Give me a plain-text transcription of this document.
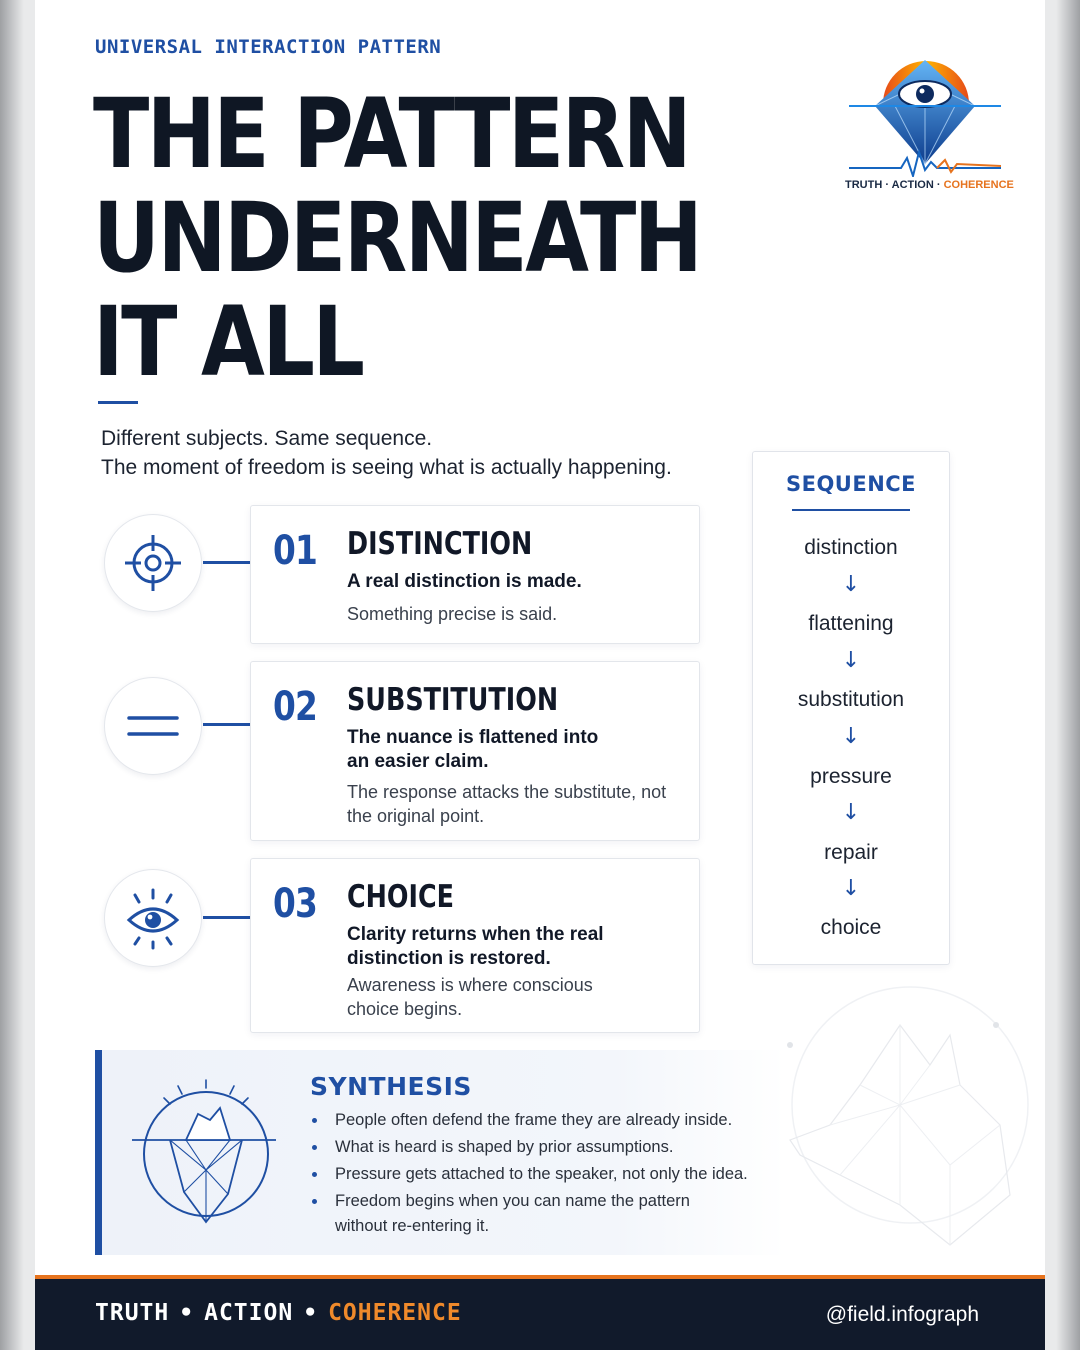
UNIVERSAL INTERACTION PATTERN
THE PATTERN
UNDERNEATH
IT ALL
Different subjects. Same sequence.
The moment of freedom is seeing what is actually happening.
TRUTH · ACTION · COHERENCE
01 DISTINCTION
A real distinction is made.
Something precise is said.
02 SUBSTITUTION
The nuance is flattened into an easier claim.
The response attacks the substitute, not the original point.
03 CHOICE
Clarity returns when the real distinction is restored.
Awareness is where conscious choice begins.
SEQUENCE
distinction
↓
flattening
↓
substitution
↓
pressure
↓
repair
↓
choice
SYNTHESIS
People often defend the frame they are already inside.
What is heard is shaped by prior assumptions.
Pressure gets attached to the speaker, not only the idea.
Freedom begins when you can name the pattern without re-entering it.
TRUTH • ACTION • COHERENCE	@field.infograph
